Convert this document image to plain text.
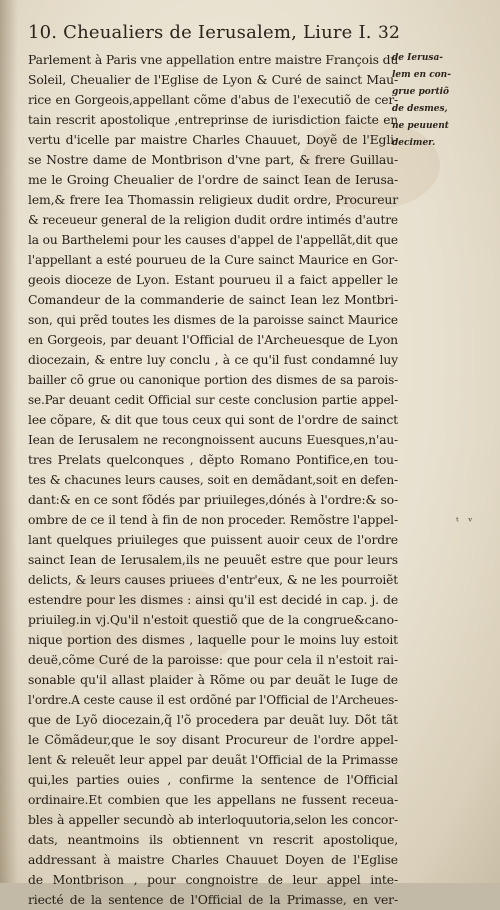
10. Cheualiers de Ierusalem, Liure I. 32
de Ierusa-
lem en con-
grue portiõ
de desmes,
ne peuuent
decimer.
ᵗ ᵛ
Parlement à Paris vne appellation entre maistre François du
Soleil, Cheualier de l'Eglise de Lyon & Curé de sainct Mau-
rice en Gorgeois,appellant cõme d'abus de l'executiõ de cer-
tain rescrit apostolique ,entreprinse de iurisdiction faicte en
vertu d'icelle par maistre Charles Chauuet, Doyẽ de l'Egli-
se Nostre dame de Montbrison d'vne part, & frere Guillau-
me le Groing Cheualier de l'ordre de sainct Iean de Ierusa-
lem,& frere Iea Thomassin religieux dudit ordre, Procureur
& receueur general de la religion dudit ordre intimés d'autre
la ou Barthelemi pour les causes d'appel de l'appellãt,dit que
l'appellant a esté pourueu de la Cure sainct Maurice en Gor-
geois dioceze de Lyon. Estant pourueu il a faict appeller le
Comandeur de la commanderie de sainct Iean lez Montbri-
son, qui prẽd toutes les dismes de la paroisse sainct Maurice
en Gorgeois, par deuant l'Official de l'Archeuesque de Lyon
diocezain, & entre luy conclu , à ce qu'il fust condamné luy
bailler cõ grue ou canonique portion des dismes de sa parois-
se.Par deuant cedit Official sur ceste conclusion partie appel-
lee cõpare, & dit que tous ceux qui sont de l'ordre de sainct
Iean de Ierusalem ne recongnoissent aucuns Euesques,n'au-
tres Prelats quelconques , dẽpto Romano Pontifice,en tou-
tes & chacunes leurs causes, soit en demãdant,soit en defen-
dant:& en ce sont fõdés par priuileges,dónés à l'ordre:& so-
ombre de ce il tend à fin de non proceder. Remõstre l'appel-
lant quelques priuileges que puissent auoir ceux de l'ordre
sainct Iean de Ierusalem,ils ne peuuẽt estre que pour leurs
delicts, & leurs causes priuees d'entr'eux, & ne les pourroiẽt
estendre pour les dismes : ainsi qu'il est decidé in cap. j. de
priuileg.in vj.Qu'il n'estoit questiõ que de la congrue&cano-
nique portion des dismes , laquelle pour le moins luy estoit
deuë,cõme Curé de la paroisse: que pour cela il n'estoit rai-
sonable qu'il allast plaider à Rõme ou par deuãt le Iuge de
l'ordre.A ceste cause il est ordõné par l'Official de l'Archeues-
que de Lyõ diocezain,q̃ l'õ procedera par deuãt luy. Dõt tãt
le Cõmãdeur,que le soy disant Procureur de l'ordre appel-
lent & releuẽt leur appel par deuãt l'Official de la Primasse
qui,les parties ouies , confirme la sentence de l'Official
ordinaire.Et combien que les appellans ne fussent receua-
bles à appeller secundò ab interloquutoria,selon les concor-
dats, neantmoins ils obtiennent vn rescrit apostolique,
addressant à maistre Charles Chauuet Doyen de l'Eglise
de Montbrison , pour congnoistre de leur appel inte-
riecté de la sentence de l'Official de la Primasse, en ver-
